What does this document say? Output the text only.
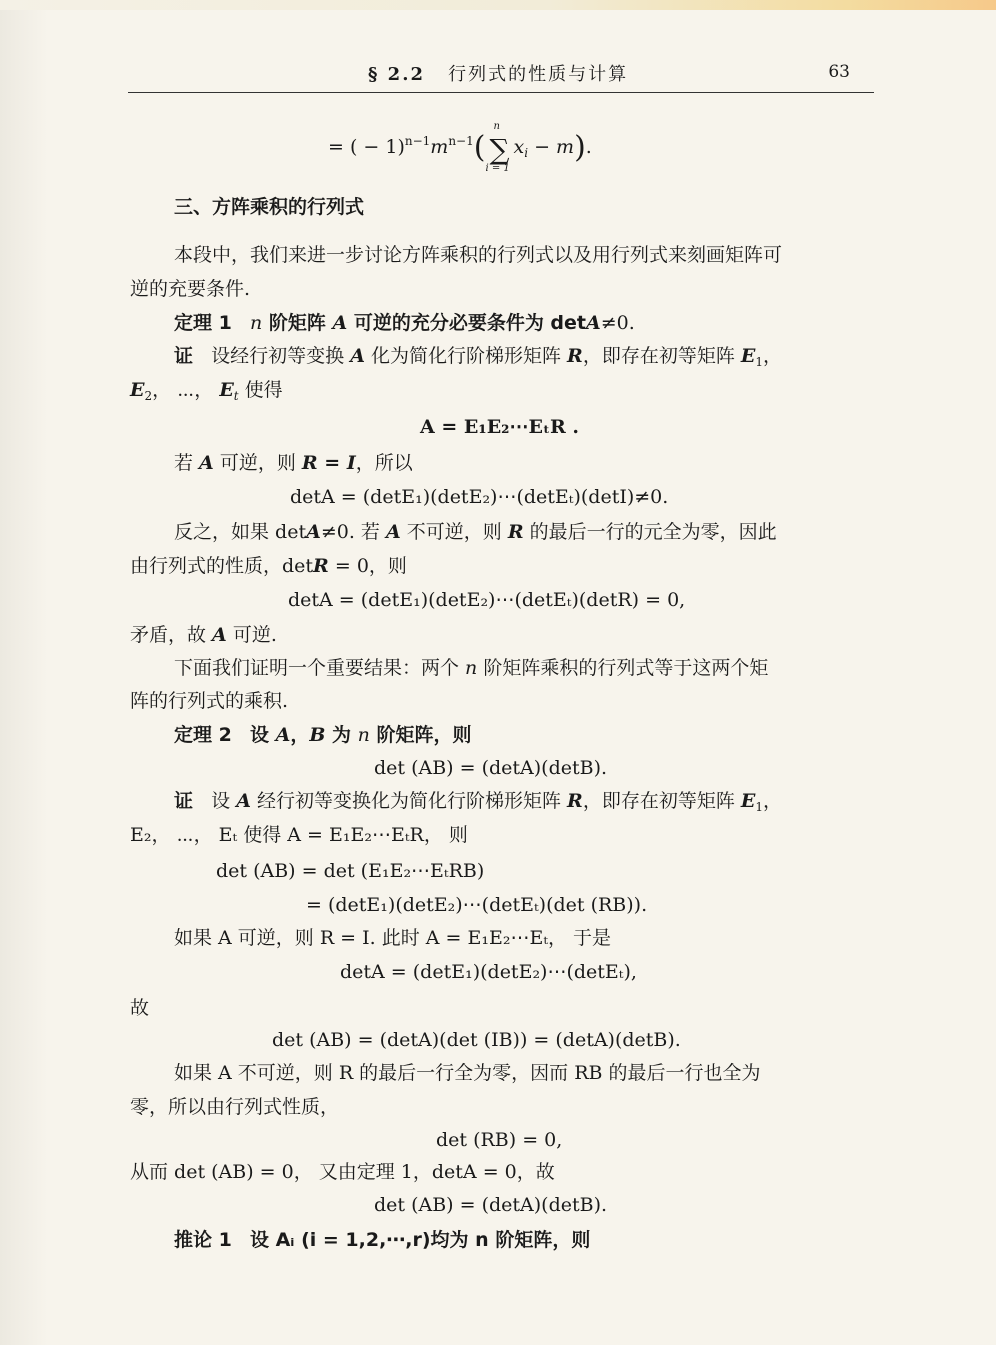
§ 2.2 行列式的性质与计算	63
= ( − $1)^{n-1}m^{n-1}$( ∑
n
i = 1
$x_i - m$).
三、方阵乘积的行列式
本段中，我们来进一步讨论方阵乘积的行列式以及用行列式来刻画矩阵可
逆的充要条件.
定理 1 n 阶矩阵 A 可逆的充分必要条件为 detA≠0.
证 设经行初等变换 A 化为简化行阶梯形矩阵 R，即存在初等矩阵 $E_1$，
$E_2$， ⋯， $E_t$ 使得
A = E₁E₂⋯EₜR .
若 A 可逆，则 R = I，所以
detA = (detE₁)(detE₂)⋯(detEₜ)(detI)≠0.
反之，如果 detA≠0. 若 A 不可逆，则 R 的最后一行的元全为零，因此
由行列式的性质，detR = 0，则
detA = (detE₁)(detE₂)⋯(detEₜ)(detR) = 0,
矛盾，故 A 可逆.
下面我们证明一个重要结果：两个 n 阶矩阵乘积的行列式等于这两个矩
阵的行列式的乘积.
定理 2 设 A，B 为 n 阶矩阵，则
det (AB) = (detA)(detB).
证 设 A 经行初等变换化为简化行阶梯形矩阵 R，即存在初等矩阵 $E_1$，
E₂， ⋯， Eₜ 使得 A = E₁E₂⋯EₜR， 则
det (AB) = det (E₁E₂⋯EₜRB)
= (detE₁)(detE₂)⋯(detEₜ)(det (RB)).
如果 A 可逆，则 R = I. 此时 A = E₁E₂⋯Eₜ， 于是
detA = (detE₁)(detE₂)⋯(detEₜ),
故
det (AB) = (detA)(det (IB)) = (detA)(detB).
如果 A 不可逆，则 R 的最后一行全为零，因而 RB 的最后一行也全为
零，所以由行列式性质，
det (RB) = 0,
从而 det (AB) = 0， 又由定理 1，detA = 0，故
det (AB) = (detA)(detB).
推论 1 设 Aᵢ (i = 1,2,⋯,r)均为 n 阶矩阵，则
